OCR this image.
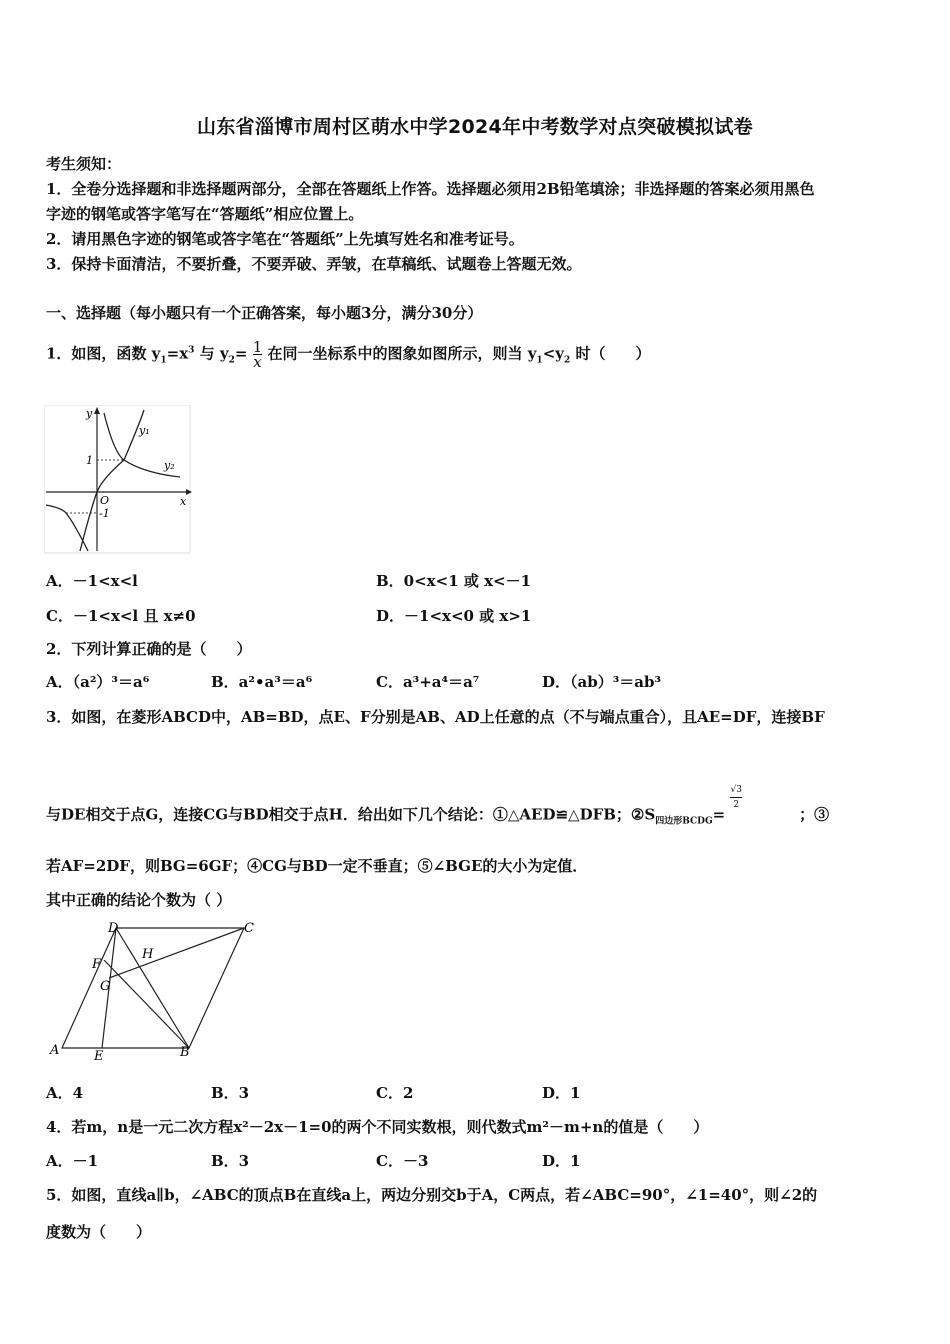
山东省淄博市周村区萌水中学2024年中考数学对点突破模拟试卷
考生须知：
1．全卷分选择题和非选择题两部分，全部在答题纸上作答。选择题必须用2B铅笔填涂；非选择题的答案必须用黑色
字迹的钢笔或答字笔写在“答题纸”相应位置上。
2．请用黑色字迹的钢笔或答字笔在“答题纸”上先填写姓名和准考证号。
3．保持卡面清洁，不要折叠，不要弄破、弄皱，在草稿纸、试题卷上答题无效。
一、选择题（每小题只有一个正确答案，每小题3分，满分30分）
1．如图，函数 $y_1=x^3$ 与 $y_2= \frac{1}{x}$ 在同一坐标系中的图象如图所示，则当 $y_1<y_2$ 时（　　）
y
x
O
1
-1
y₁
y₂
A．－1<x<l	B．0<x<1 或 x<－1
C．－1<x<l 且 x≠0	D．－1<x<0 或 x>1
2．下列计算正确的是（　　）
A．（a²）³＝a⁶	B．a²•a³＝a⁶	C．a³+a⁴＝a⁷	D．（ab）³＝ab³
3．如图，在菱形ABCD中，AB=BD，点E、F分别是AB、AD上任意的点（不与端点重合），且AE=DF，连接BF
与DE相交于点G，连接CG与BD相交于点H．给出如下几个结论：①△AED≌△DFB；$②S_{四边形BCDG}=$
$\frac{√3}{2}$
；③
若AF=2DF，则BG=6GF；④CG与BD一定不垂直；⑤∠BGE的大小为定值．
其中正确的结论个数为（ ）
D	C
F
H
G
A	E	B
A．4	B．3	C．2	D．1
4．若m，n是一元二次方程x²－2x－1=0的两个不同实数根，则代数式m²－m+n的值是（　　）
A．－1	B．3	C．－3	D．1
5．如图，直线a∥b，∠ABC的顶点B在直线a上，两边分别交b于A，C两点，若∠ABC=90°，∠1=40°，则∠2的
度数为（　　）
